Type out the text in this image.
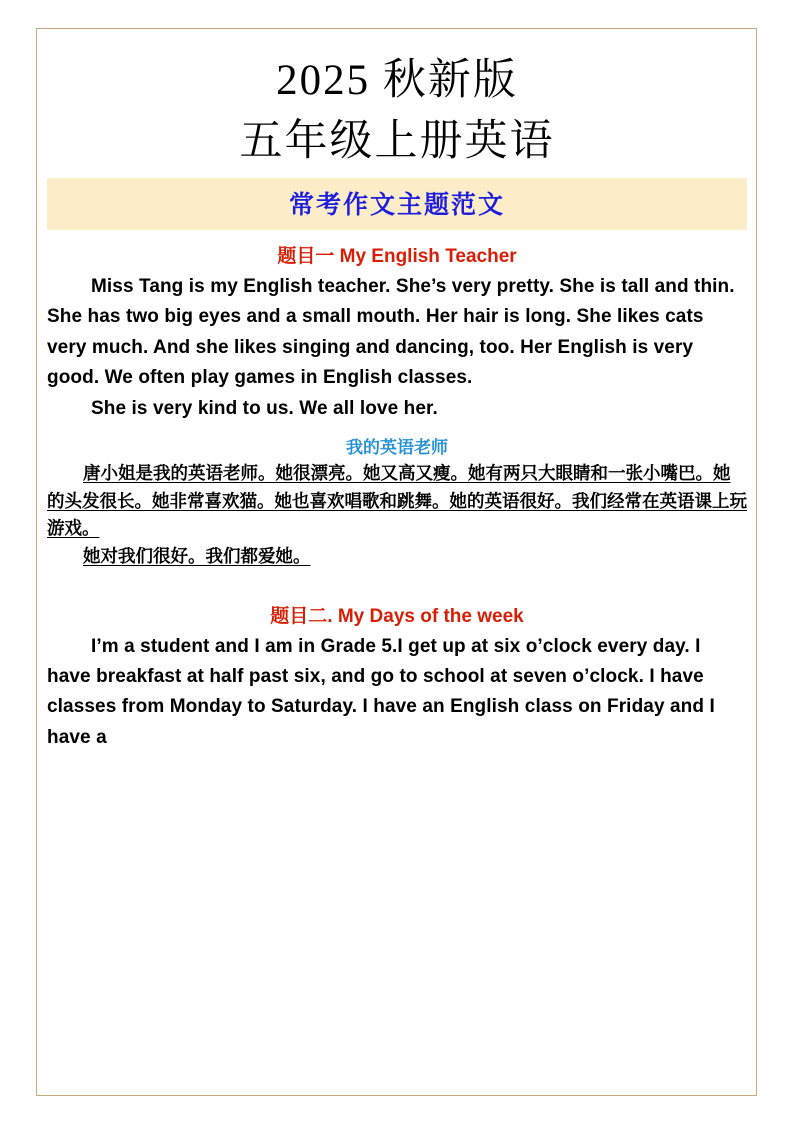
2025 秋新版
五年级上册英语
常考作文主题范文
题目一 My English Teacher

Miss Tang is my English teacher. She’s very pretty. She is tall and thin. She has two big eyes and a small mouth. Her hair is long. She likes cats very much. And she likes singing and dancing, too. Her English is very good. We often play games in English classes.

She is very kind to us. We all love her.

我的英语老师

唐小姐是我的英语老师。她很漂亮。她又高又瘦。她有两只大眼睛和一张小嘴巴。她的头发很长。她非常喜欢猫。她也喜欢唱歌和跳舞。她的英语很好。我们经常在英语课上玩游戏。

她对我们很好。我们都爱她。

题目二. My Days of the week

I’m a student and I am in Grade 5.I get up at six o’clock every day. I have breakfast at half past six, and go to school at seven o’clock. I have classes from Monday to Saturday. I have an English class on Friday and I have a
